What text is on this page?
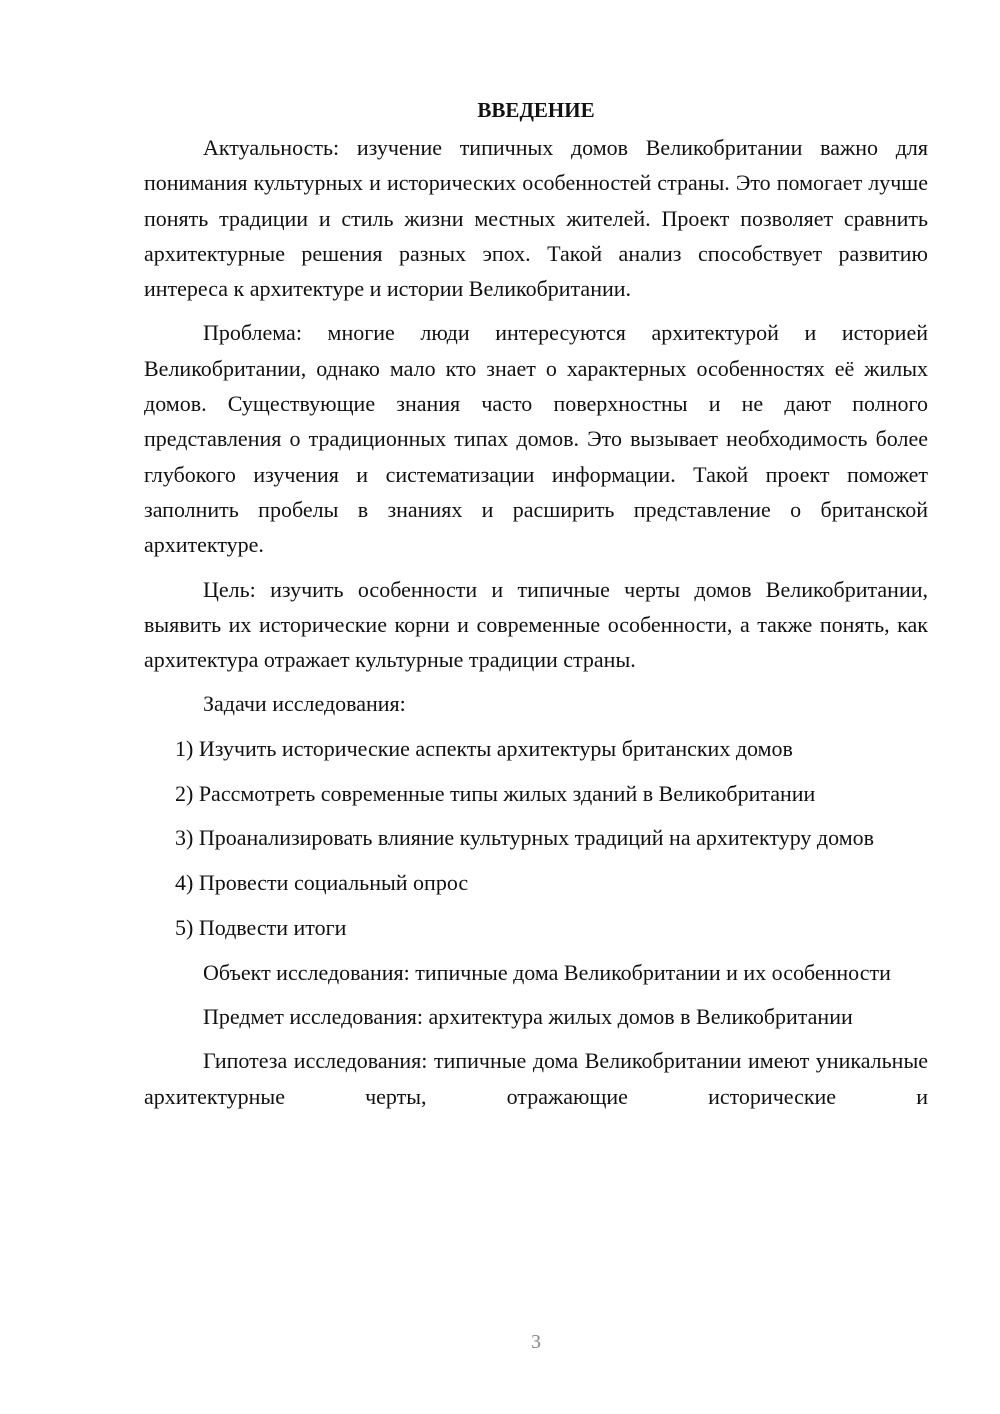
ВВЕДЕНИЕ

Актуальность: изучение типичных домов Великобритании важно для понимания культурных и исторических особенностей страны. Это помогает лучше понять традиции и стиль жизни местных жителей. Проект позволяет сравнить архитектурные решения разных эпох. Такой анализ способствует развитию интереса к архитектуре и истории Великобритании.

Проблема: многие люди интересуются архитектурой и историей Великобритании, однако мало кто знает о характерных особенностях её жилых домов. Существующие знания часто поверхностны и не дают полного представления о традиционных типах домов. Это вызывает необходимость более глубокого изучения и систематизации информации. Такой проект поможет заполнить пробелы в знаниях и расширить представление о британской архитектуре.

Цель: изучить особенности и типичные черты домов Великобритании, выявить их исторические корни и современные особенности, а также понять, как архитектура отражает культурные традиции страны.

Задачи исследования:

1) Изучить исторические аспекты архитектуры британских домов

2) Рассмотреть современные типы жилых зданий в Великобритании

3) Проанализировать влияние культурных традиций на архитектуру домов

4) Провести социальный опрос

5) Подвести итоги

Объект исследования: типичные дома Великобритании и их особенности

Предмет исследования: архитектура жилых домов в Великобритании

Гипотеза исследования: типичные дома Великобритании имеют уникальные архитектурные черты, отражающие исторические и

3
